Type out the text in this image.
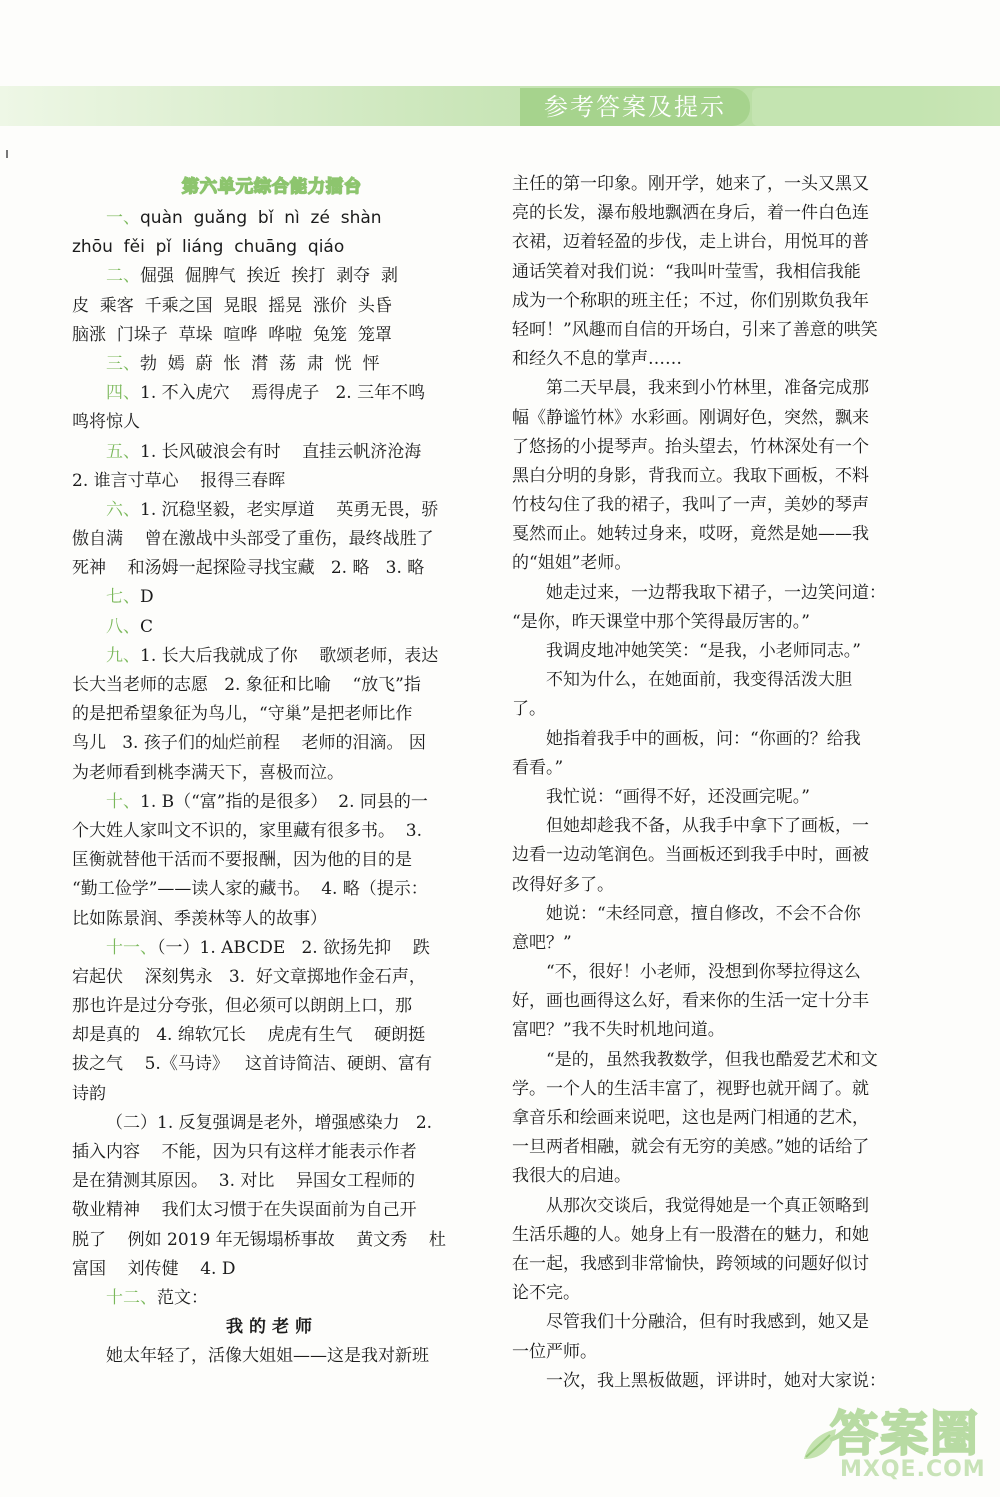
参考答案及提示
第六单元综合能力擂台
一、quàn  guǎng  bǐ  nì  zé  shàn
zhōu  fěi  pǐ  liáng  chuāng  qiáo
二、倔强  倔脾气  挨近  挨打  剥夺  剥
皮  乘客  千乘之国  晃眼  摇晃  涨价  头昏
脑涨  门垛子  草垛  喧哗  哗啦  兔笼  笼罩
三、勃  嫣  蔚  怅  潸  荡  肃  恍  怦
四、1. 不入虎穴    焉得虎子   2. 三年不鸣
鸣将惊人
五、1. 长风破浪会有时    直挂云帆济沧海
2. 谁言寸草心    报得三春晖
六、1. 沉稳坚毅，老实厚道    英勇无畏，骄
傲自满    曾在激战中头部受了重伤，最终战胜了
死神    和汤姆一起探险寻找宝藏   2. 略   3. 略
七、D
八、C
九、1. 长大后我就成了你    歌颂老师，表达
长大当老师的志愿   2. 象征和比喻    “放飞”指
的是把希望象征为鸟儿，“守巢”是把老师比作
鸟儿   3. 孩子们的灿烂前程    老师的泪滴。 因
为老师看到桃李满天下，喜极而泣。
十、1. B（“富”指的是很多）  2. 同县的一
个大姓人家叫文不识的，家里藏有很多书。  3.
匡衡就替他干活而不要报酬，因为他的目的是
“勤工俭学”——读人家的藏书。  4. 略（提示：
比如陈景润、季羡林等人的故事）
十一、（一）1. ABCDE   2. 欲扬先抑    跌
宕起伏    深刻隽永   3.  好文章掷地作金石声，
那也许是过分夸张，但必须可以朗朗上口，那
却是真的   4. 绵软冗长    虎虎有生气    硬朗挺
拔之气    5.《马诗》   这首诗简洁、硬朗、富有
诗韵
（二）1. 反复强调是老外，增强感染力   2.
插入内容    不能，因为只有这样才能表示作者
是在猜测其原因。  3. 对比    异国女工程师的
敬业精神    我们太习惯于在失误面前为自己开
脱了    例如 2019 年无锡塌桥事故    黄文秀    杜
富国    刘传健    4. D
十二、范文：
我的老师
她太年轻了，活像大姐姐——这是我对新班
主任的第一印象。刚开学，她来了，一头又黑又
亮的长发，瀑布般地飘洒在身后，着一件白色连
衣裙，迈着轻盈的步伐，走上讲台，用悦耳的普
通话笑着对我们说：“我叫叶莹雪，我相信我能
成为一个称职的班主任；不过，你们别欺负我年
轻呵！”风趣而自信的开场白，引来了善意的哄笑
和经久不息的掌声……
第二天早晨，我来到小竹林里，准备完成那
幅《静谧竹林》水彩画。刚调好色，突然，飘来
了悠扬的小提琴声。抬头望去，竹林深处有一个
黑白分明的身影，背我而立。我取下画板，不料
竹枝勾住了我的裙子，我叫了一声，美妙的琴声
戛然而止。她转过身来，哎呀，竟然是她——我
的“姐姐”老师。
她走过来，一边帮我取下裙子，一边笑问道：
“是你，昨天课堂中那个笑得最厉害的。”
我调皮地冲她笑笑：“是我，小老师同志。”
不知为什么，在她面前，我变得活泼大胆
了。
她指着我手中的画板，问：“你画的？给我
看看。”
我忙说：“画得不好，还没画完呢。”
但她却趁我不备，从我手中拿下了画板，一
边看一边动笔润色。当画板还到我手中时，画被
改得好多了。
她说：“未经同意，擅自修改，不会不合你
意吧？”
“不，很好！小老师，没想到你琴拉得这么
好，画也画得这么好，看来你的生活一定十分丰
富吧？”我不失时机地问道。
“是的，虽然我教数学，但我也酷爱艺术和文
学。一个人的生活丰富了，视野也就开阔了。就
拿音乐和绘画来说吧，这也是两门相通的艺术，
一旦两者相融，就会有无穷的美感。”她的话给了
我很大的启迪。
从那次交谈后，我觉得她是一个真正领略到
生活乐趣的人。她身上有一股潜在的魅力，和她
在一起，我感到非常愉快，跨领域的问题好似讨
论不完。
尽管我们十分融洽，但有时我感到，她又是
一位严师。
一次，我上黑板做题，评讲时，她对大家说：
答案圈
MXQE.COM
